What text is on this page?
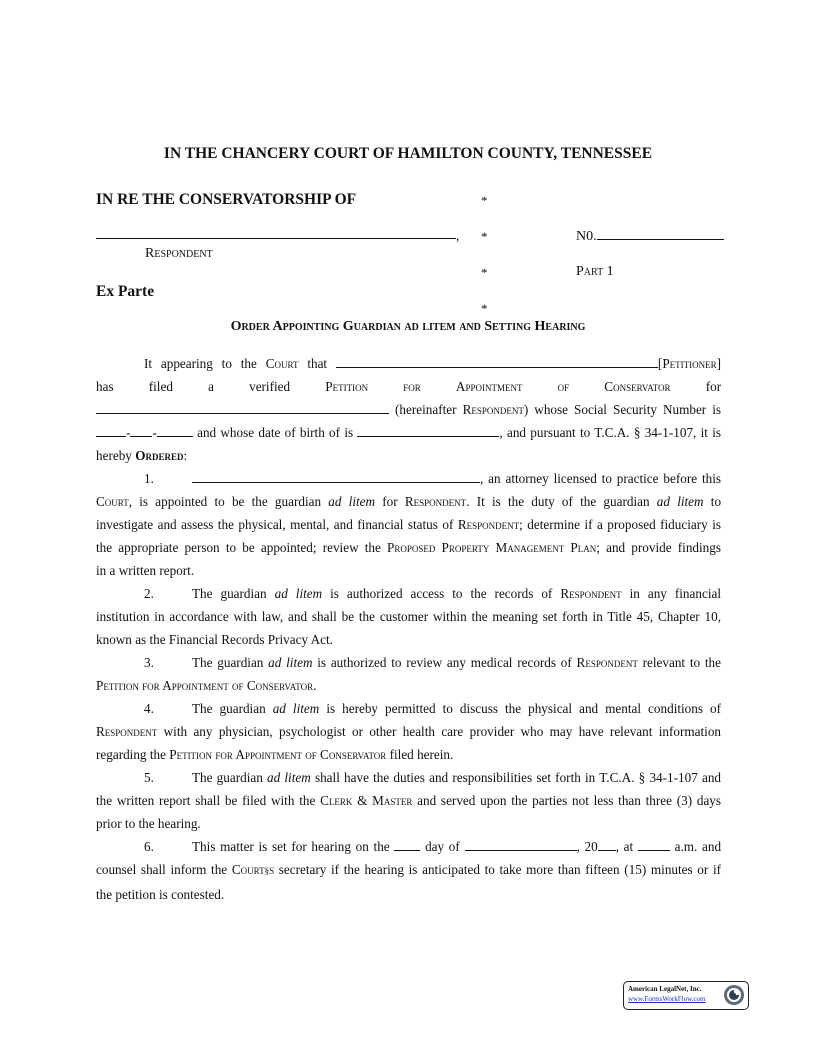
IN THE CHANCERY COURT OF HAMILTON COUNTY, TENNESSEE
IN RE THE CONSERVATORSHIP OF	*
, *	N0.
Respondent
*	Part 1
Ex Parte
*
Order Appointing Guardian ad litem and Setting Hearing
It appearing to the Court that	[Petitioner]
has	filed	a	verified	Petition	for	Appointment	of	Conservator	for
(hereinafter Respondent) whose Social Security Number is
- -	and whose date of birth of is	, and pursuant to T.C.A. § 34-1-107, it is
hereby Ordered:
1.	, an attorney licensed to practice before this
Court, is appointed to be the guardian ad litem for Respondent. It is the duty of the guardian ad litem to
investigate and assess the physical, mental, and financial status of Respondent; determine if a proposed fiduciary is
the appropriate person to be appointed; review the Proposed Property Management Plan; and provide findings
in a written report.
2.	The guardian ad litem is authorized access to the records of Respondent in any financial
institution in accordance with law, and shall be the customer within the meaning set forth in Title 45, Chapter 10,
known as the Financial Records Privacy Act.
3.	The guardian ad litem is authorized to review any medical records of Respondent relevant to the
Petition for Appointment of Conservator.
4.	The guardian ad litem is hereby permitted to discuss the physical and mental conditions of
Respondent with any physician, psychologist or other health care provider who may have relevant information
regarding the Petition for Appointment of Conservator filed herein.
5.	The guardian ad litem shall have the duties and responsibilities set forth in T.C.A. § 34-1-107 and
the written report shall be filed with the Clerk & Master and served upon the parties not less than three (3) days
prior to the hearing.
6.	This matter is set for hearing on the	day of	, 20 , at	a.m. and
counsel shall inform the Court§s secretary if the hearing is anticipated to take more than fifteen (15) minutes or if
the petition is contested.
American LegalNet, Inc.
www.FormsWorkFlow.com
